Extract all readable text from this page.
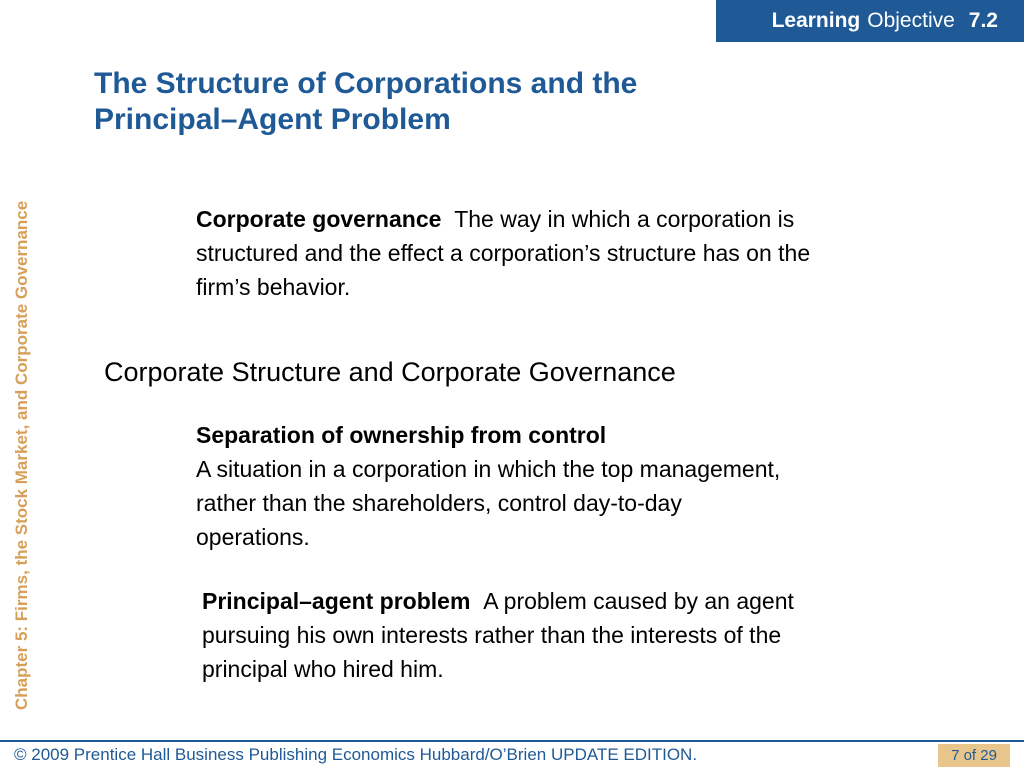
Learning Objective 7.2
Chapter 5: Firms, the Stock Market, and Corporate Governance
The Structure of Corporations and the
Principal–Agent Problem
Corporate governance The way in which a corporation is structured and the effect a corporation’s structure has on the firm’s behavior.
Corporate Structure and Corporate Governance
Separation of ownership from control
A situation in a corporation in which the top management, rather than the shareholders, control day-to-day operations.
Principal–agent problem A problem caused by an agent pursuing his own interests rather than the interests of the principal who hired him.
© 2009 Prentice Hall Business Publishing Economics Hubbard/O’Brien UPDATE EDITION.	7 of 29
